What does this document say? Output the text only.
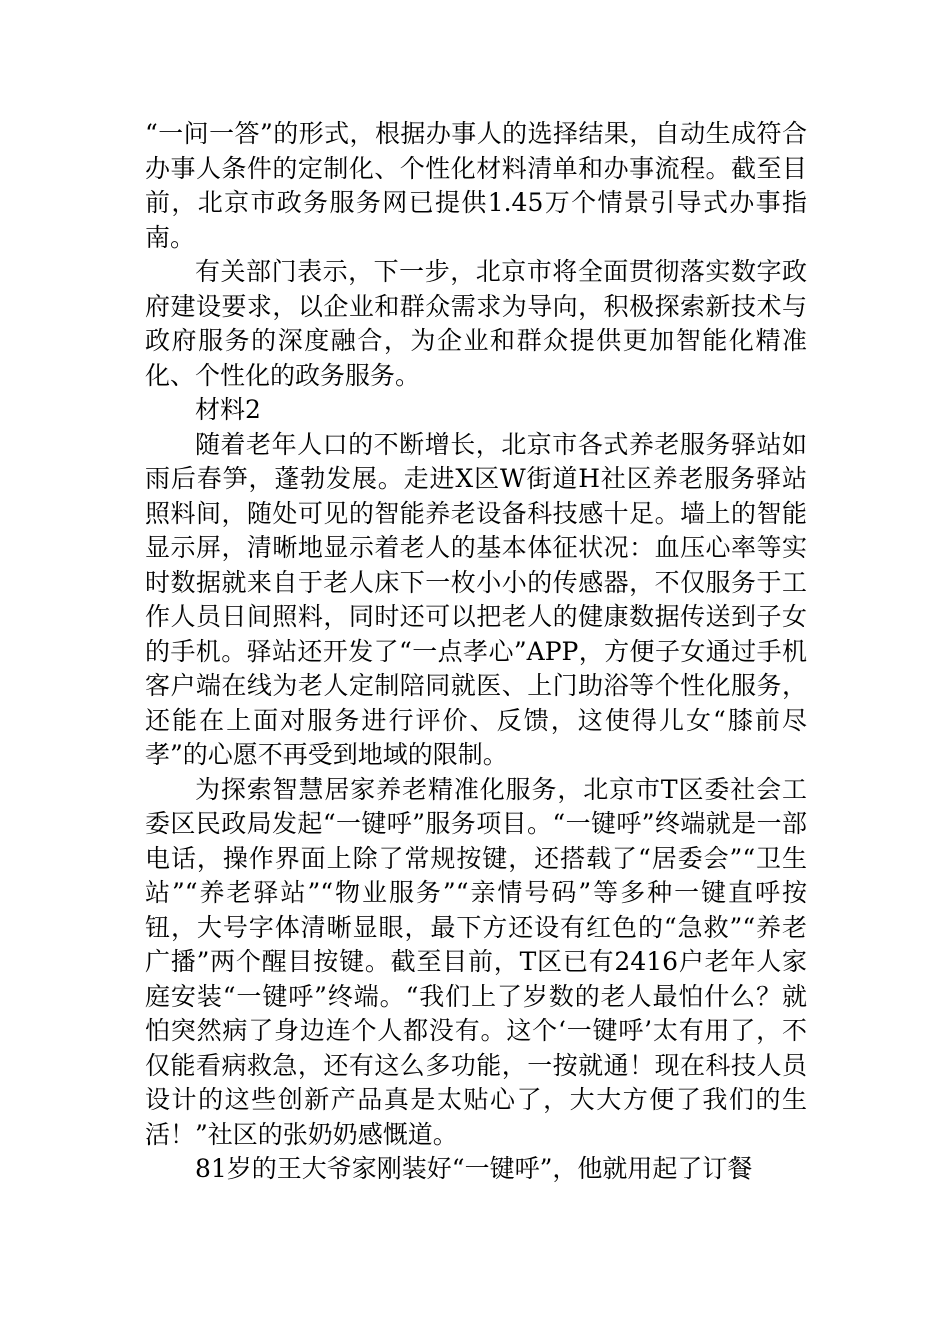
“一问一答”的形式，根据办事人的选择结果，自动生成符合办事人条件的定制化、个性化材料清单和办事流程。截至目前，北京市政务服务网已提供1.45万个情景引导式办事指南。

有关部门表示，下一步，北京市将全面贯彻落实数字政府建设要求，以企业和群众需求为导向，积极探索新技术与政府服务的深度融合，为企业和群众提供更加智能化精准化、个性化的政务服务。

材料2

随着老年人口的不断增长，北京市各式养老服务驿站如雨后春笋，蓬勃发展。走进X区W街道H社区养老服务驿站照料间，随处可见的智能养老设备科技感十足。墙上的智能显示屏，清晰地显示着老人的基本体征状况：血压心率等实时数据就来自于老人床下一枚小小的传感器，不仅服务于工作人员日间照料，同时还可以把老人的健康数据传送到子女的手机。驿站还开发了“一点孝心”APP，方便子女通过手机客户端在线为老人定制陪同就医、上门助浴等个性化服务，还能在上面对服务进行评价、反馈，这使得儿女“膝前尽孝”的心愿不再受到地域的限制。

为探索智慧居家养老精准化服务，北京市T区委社会工委区民政局发起“一键呼”服务项目。“一键呼”终端就是一部电话，操作界面上除了常规按键，还搭载了“居委会”“卫生站”“养老驿站”“物业服务”“亲情号码”等多种一键直呼按钮，大号字体清晰显眼，最下方还设有红色的“急救”“养老广播”两个醒目按键。截至目前，T区已有2416户老年人家庭安装“一键呼”终端。“我们上了岁数的老人最怕什么？就怕突然病了身边连个人都没有。这个‘一键呼’太有用了，不仅能看病救急，还有这么多功能，一按就通！现在科技人员设计的这些创新产品真是太贴心了，大大方便了我们的生活！”社区的张奶奶感慨道。

81岁的王大爷家刚装好“一键呼”，他就用起了订餐
